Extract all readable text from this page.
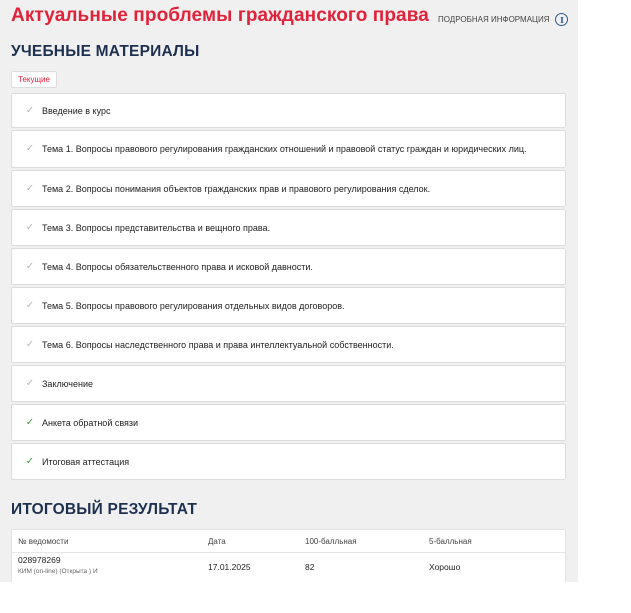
Актуальные проблемы гражданского права ПОДРОБНАЯ ИНФОРМАЦИЯ	I
УЧЕБНЫЕ МАТЕРИАЛЫ
Текущие
✓ Введение в курс
✓ Тема 1. Вопросы правового регулирования гражданских отношений и правовой статус граждан и юридических лиц.
✓ Тема 2. Вопросы понимания объектов гражданских прав и правового регулирования сделок.
✓ Тема 3. Вопросы представительства и вещного права.
✓ Тема 4. Вопросы обязательственного права и исковой давности.
✓ Тема 5. Вопросы правового регулирования отдельных видов договоров.
✓ Тема 6. Вопросы наследственного права и права интеллектуальной собственности.
✓ Заключение
✓ Анкета обратной связи
✓ Итоговая аттестация
ИТОГОВЫЙ РЕЗУЛЬТАТ
№ ведомости	Дата	100-балльная	5-балльная
028978269
КИМ (on-line) (Открыта ) И	17.01.2025	82	Хорошо
